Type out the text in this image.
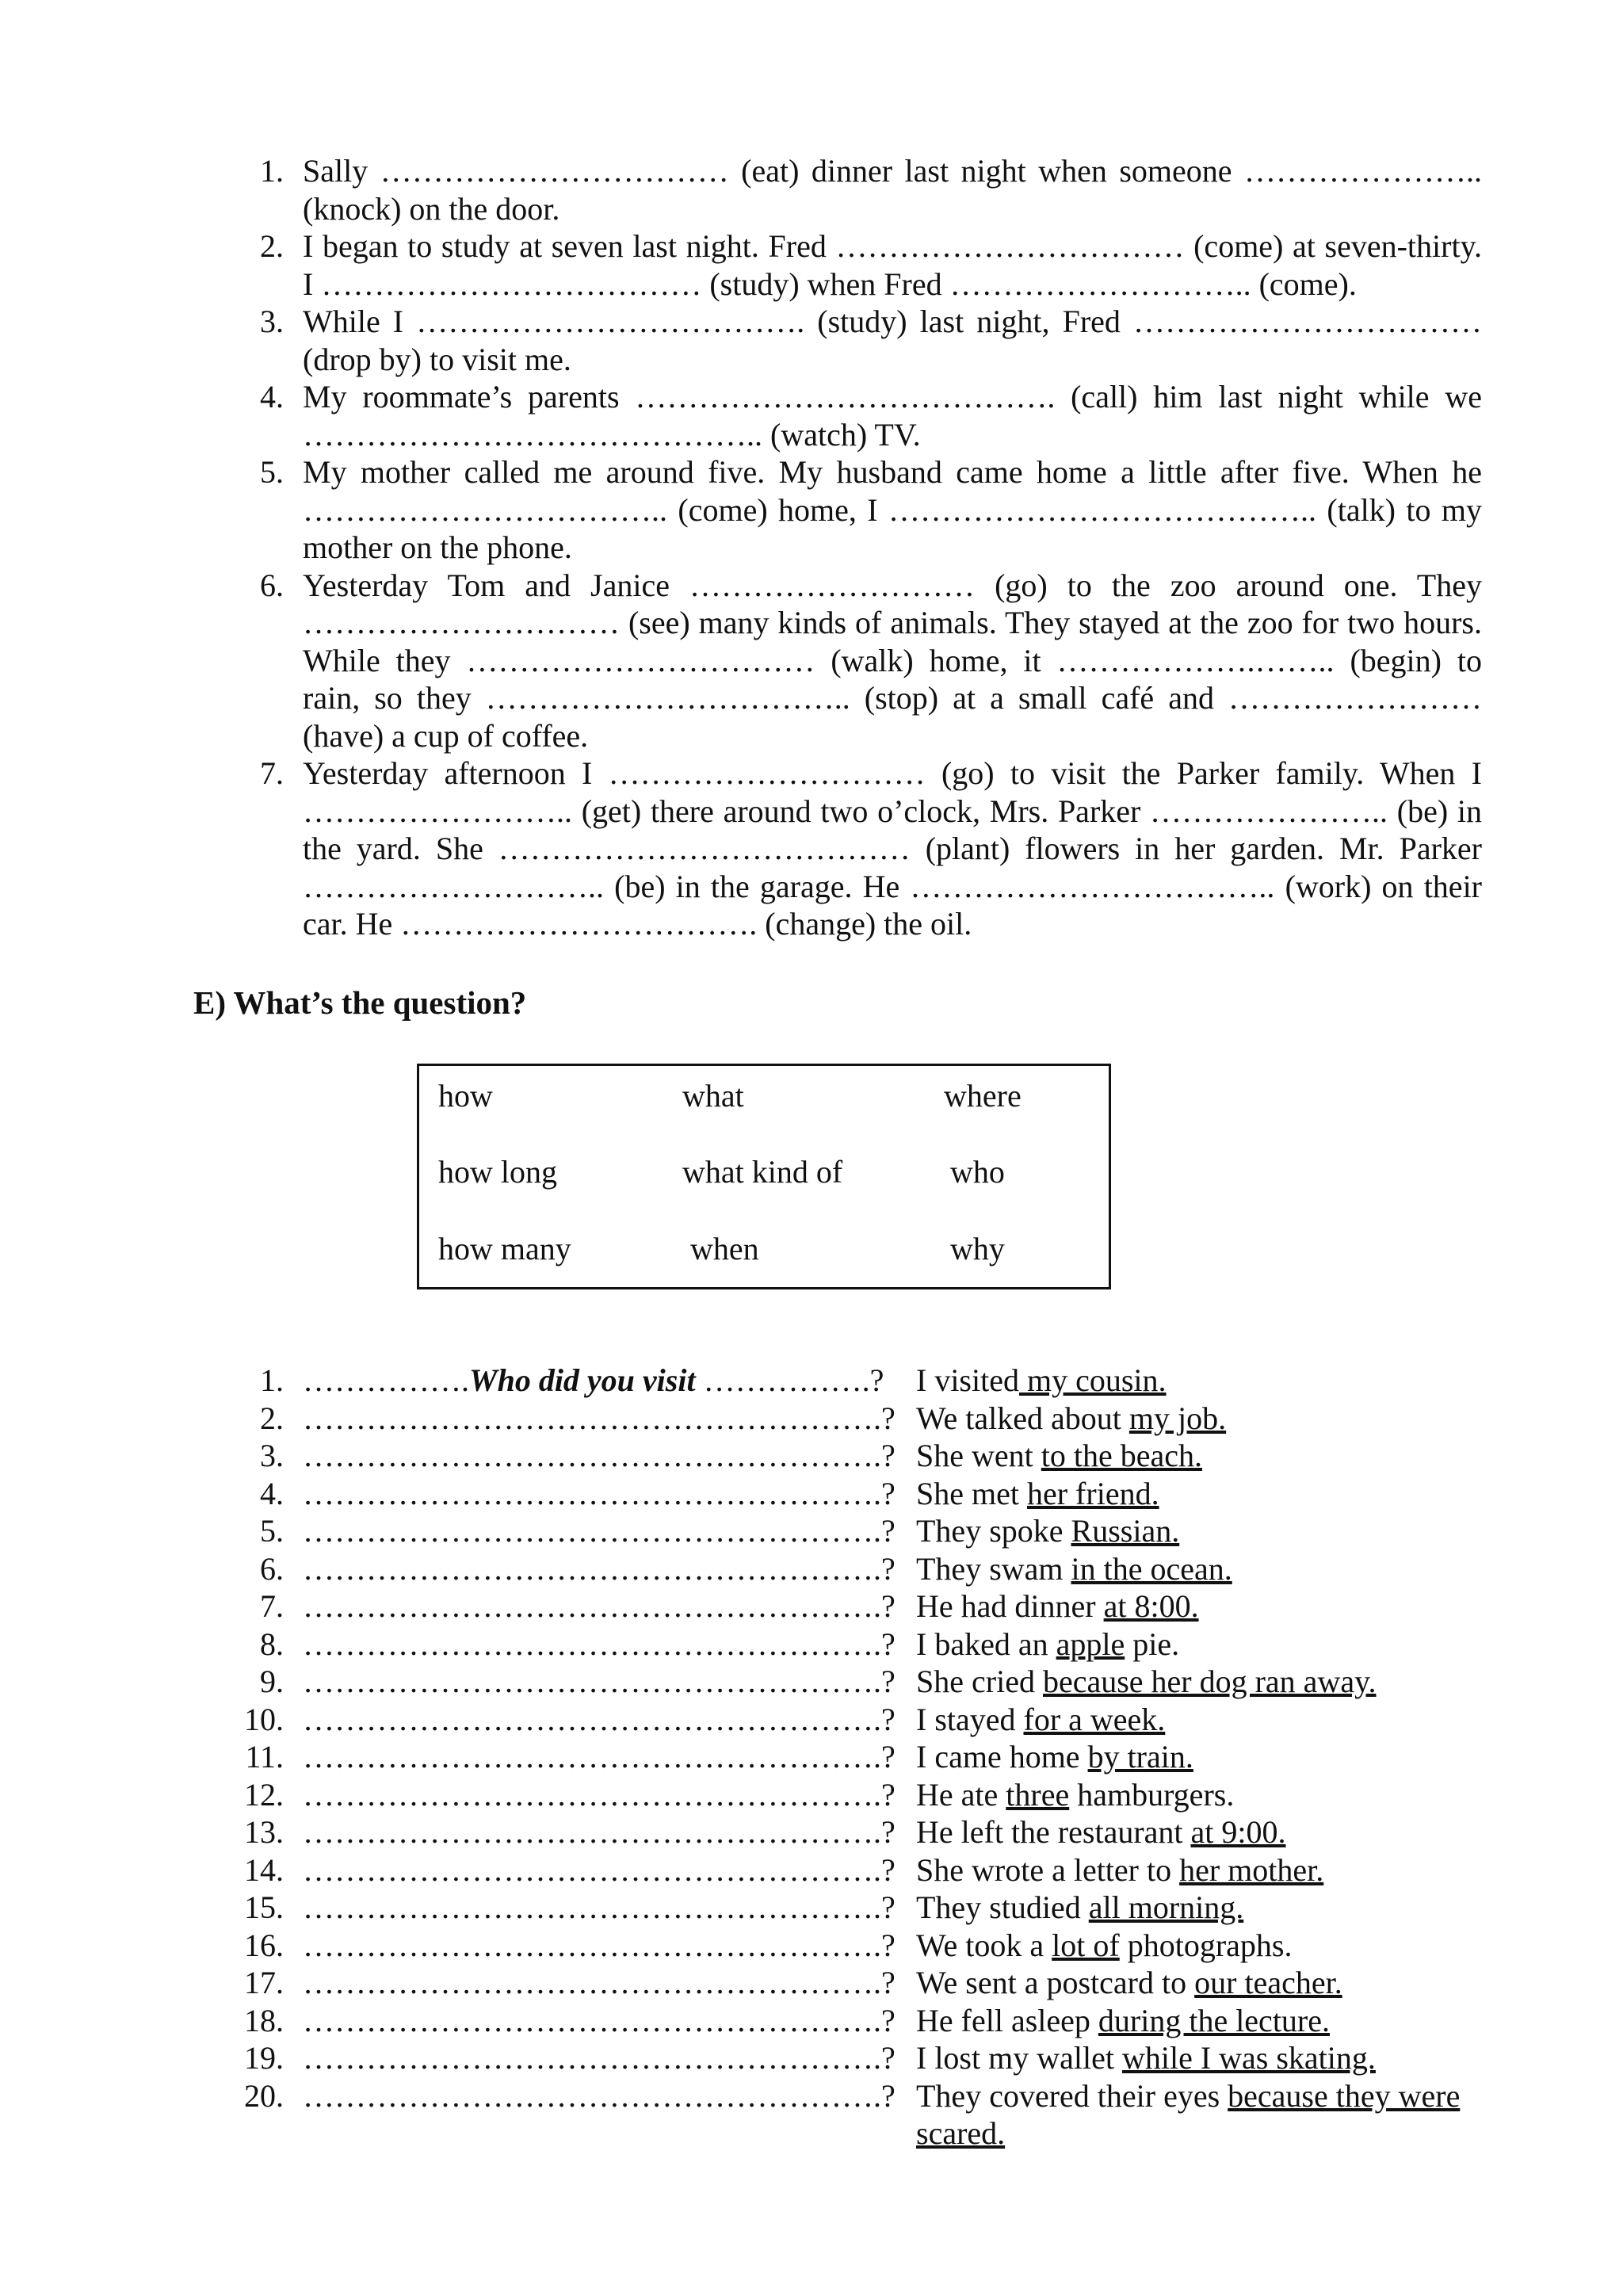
1. Sally …………………………… (eat) dinner last night when someone ………………….. (knock) on the door.
2. I began to study at seven last night. Fred …………………………… (come) at seven-thirty. I ……………………………… (study) when Fred ……………………….. (come).
3. While I ………………………………. (study) last night, Fred …………………………… (drop by) to visit me.
4. My roommate’s parents …………………………………. (call) him last night while we …………………………………….. (watch) TV.
5. My mother called me around five. My husband came home a little after five. When he …………………………….. (come) home, I ………………………………….. (talk) to my mother on the phone.
6. Yesterday Tom and Janice ……………………… (go) to the zoo around one. They ………………………… (see) many kinds of animals. They stayed at the zoo for two hours. While they …………………………… (walk) home, it ……………….…….. (begin) to rain, so they …………………………….. (stop) at a small café and …………………… (have) a cup of coffee.
7. Yesterday afternoon I ………………………… (go) to visit the Parker family. When I …………………….. (get) there around two o’clock, Mrs. Parker ………………….. (be) in the yard. She ………………………………… (plant) flowers in her garden. Mr. Parker ……………………….. (be) in the garage. He …………………………….. (work) on their car. He ……………………………. (change) the oil.
E) What’s the question?
how
how long
how many
what
what kind of
when
where
who
why
1. …………….Who did you visit …………….?	I visited my cousin.
2. ……………………………………………….? We talked about my job.
3. ……………………………………………….? She went to the beach.
4. ……………………………………………….? She met her friend.
5. ……………………………………………….? They spoke Russian.
6. ……………………………………………….? They swam in the ocean.
7. ……………………………………………….? He had dinner at 8:00.
8. ……………………………………………….? I baked an apple pie.
9. ……………………………………………….? She cried because her dog ran away.
10. ……………………………………………….? I stayed for a week.
11. ……………………………………………….? I came home by train.
12. ……………………………………………….? He ate three hamburgers.
13. ……………………………………………….? He left the restaurant at 9:00.
14. ……………………………………………….? She wrote a letter to her mother.
15. ……………………………………………….? They studied all morning.
16. ……………………………………………….? We took a lot of photographs.
17. ……………………………………………….? We sent a postcard to our teacher.
18. ……………………………………………….? He fell asleep during the lecture.
19. ……………………………………………….? I lost my wallet while I was skating.
20. ……………………………………………….? They covered their eyes because they were scared.
